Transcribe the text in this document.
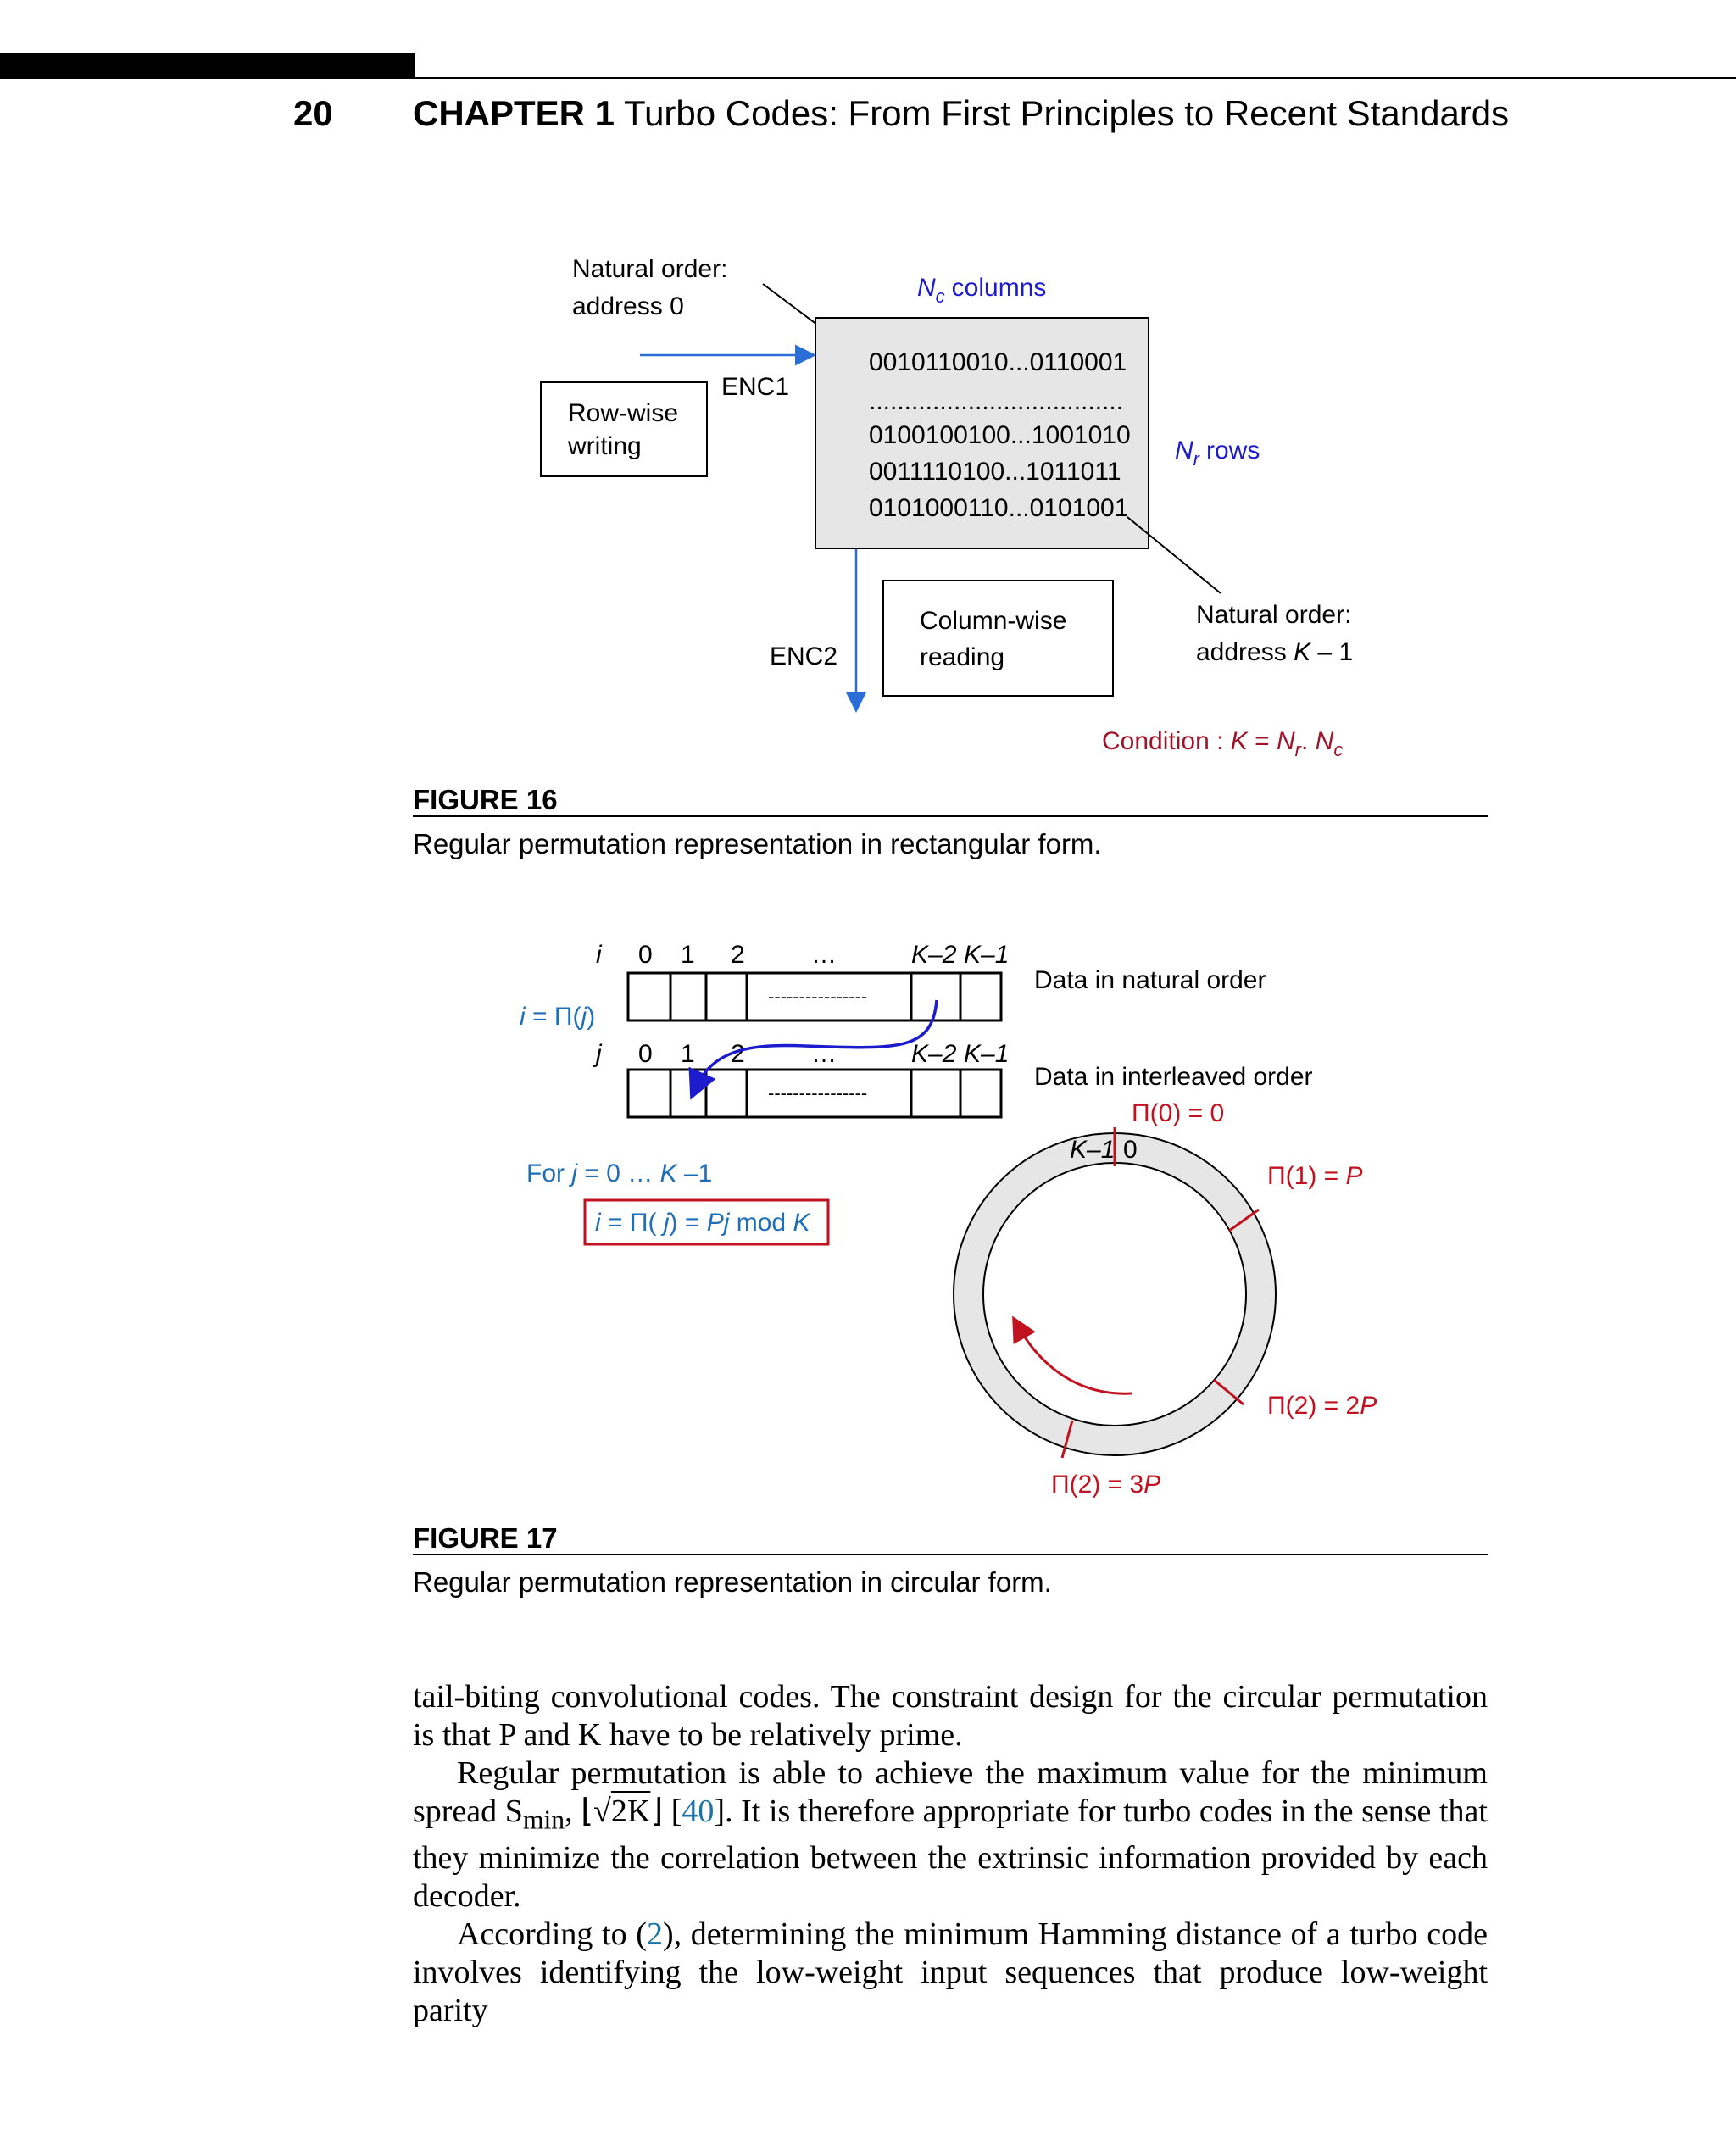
20 CHAPTER 1 Turbo Codes: From First Principles to Recent Standards
Natural order:
address 0
$N_c$ columns
0010110010...0110001
....................................
0100100100...1001010
0011110100...1011011
0101000110...0101001
ENC1
Row-wise
writing	$N_r$ rows
ENC2
Column-wise
reading
Natural order:
address K – 1
Condition : $K = N_r$. $N_c$
FIGURE 16
Regular permutation representation in rectangular form.
i 0 1 2	…	K–2 K–1
----------------
Data in natural order
i = Π(j)
j 0 1 2	…	K–2 K–1
----------------
Data in interleaved order
For j = 0 … K –1
i = Π( j) = Pj mod K
K–1 0
Π(0) = 0
Π(1) = P
Π(2) = 2P
Π(2) = 3P
FIGURE 17
Regular permutation representation in circular form.

tail-biting convolutional codes. The constraint design for the circular permutation is that P and K have to be relatively prime.

Regular permutation is able to achieve the maximum value for the minimum spread $S_{min}$, ⌊√2K⌋ [40]. It is therefore appropriate for turbo codes in the sense that they minimize the correlation between the extrinsic information provided by each decoder.

According to (2), determining the minimum Hamming distance of a turbo code involves identifying the low-weight input sequences that produce low-weight parity
